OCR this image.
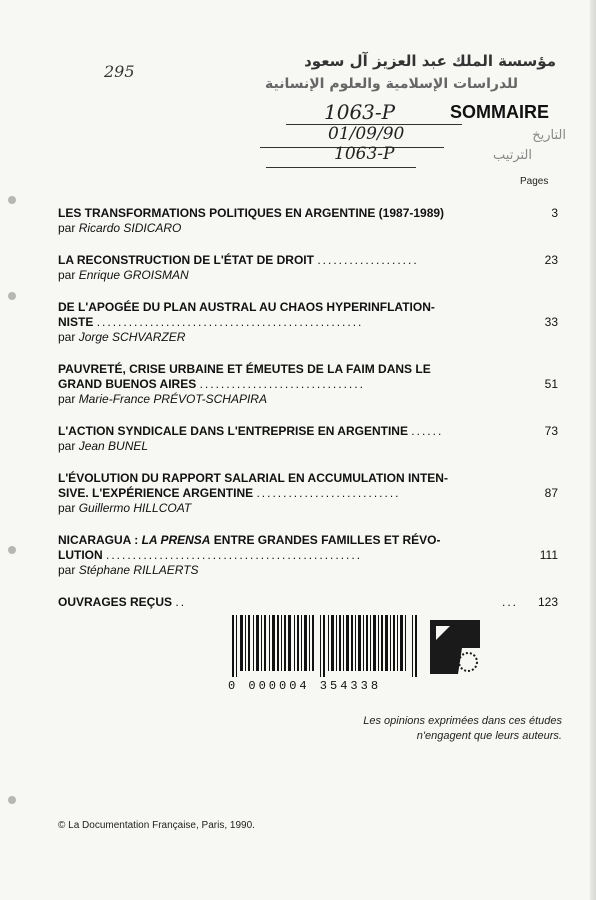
295
مؤسسة الملك عبد العزيز آل سعود
للدراسات الإسلامية والعلوم الإنسانية
التاريخ
الترتيب
1063-P
01/09/90
1063-P
SOMMAIRE
Pages
3
LES TRANSFORMATIONS POLITIQUES EN ARGENTINE (1987-1989)
par Ricardo SIDICARO
23
LA RECONSTRUCTION DE L'ÉTAT DE DROIT ...................
par Enrique GROISMAN
33
DE L'APOGÉE DU PLAN AUSTRAL AU CHAOS HYPERINFLATION-
NISTE ..................................................
par Jorge SCHVARZER
51
PAUVRETÉ, CRISE URBAINE ET ÉMEUTES DE LA FAIM DANS LE
GRAND BUENOS AIRES ...............................
par Marie-France PRÉVOT-SCHAPIRA
73
L'ACTION SYNDICALE DANS L'ENTREPRISE EN ARGENTINE ......
par Jean BUNEL
87
L'ÉVOLUTION DU RAPPORT SALARIAL EN ACCUMULATION INTEN-
SIVE. L'EXPÉRIENCE ARGENTINE ...........................
par Guillermo HILLCOAT
111
NICARAGUA : LA PRENSA ENTRE GRANDES FAMILLES ET RÉVO-
LUTION ................................................
par Stéphane RILLAERTS
123
OUVRAGES REÇUS ..	...
0 000004 354338
Les opinions exprimées dans ces études
n'engagent que leurs auteurs.
© La Documentation Française, Paris, 1990.
